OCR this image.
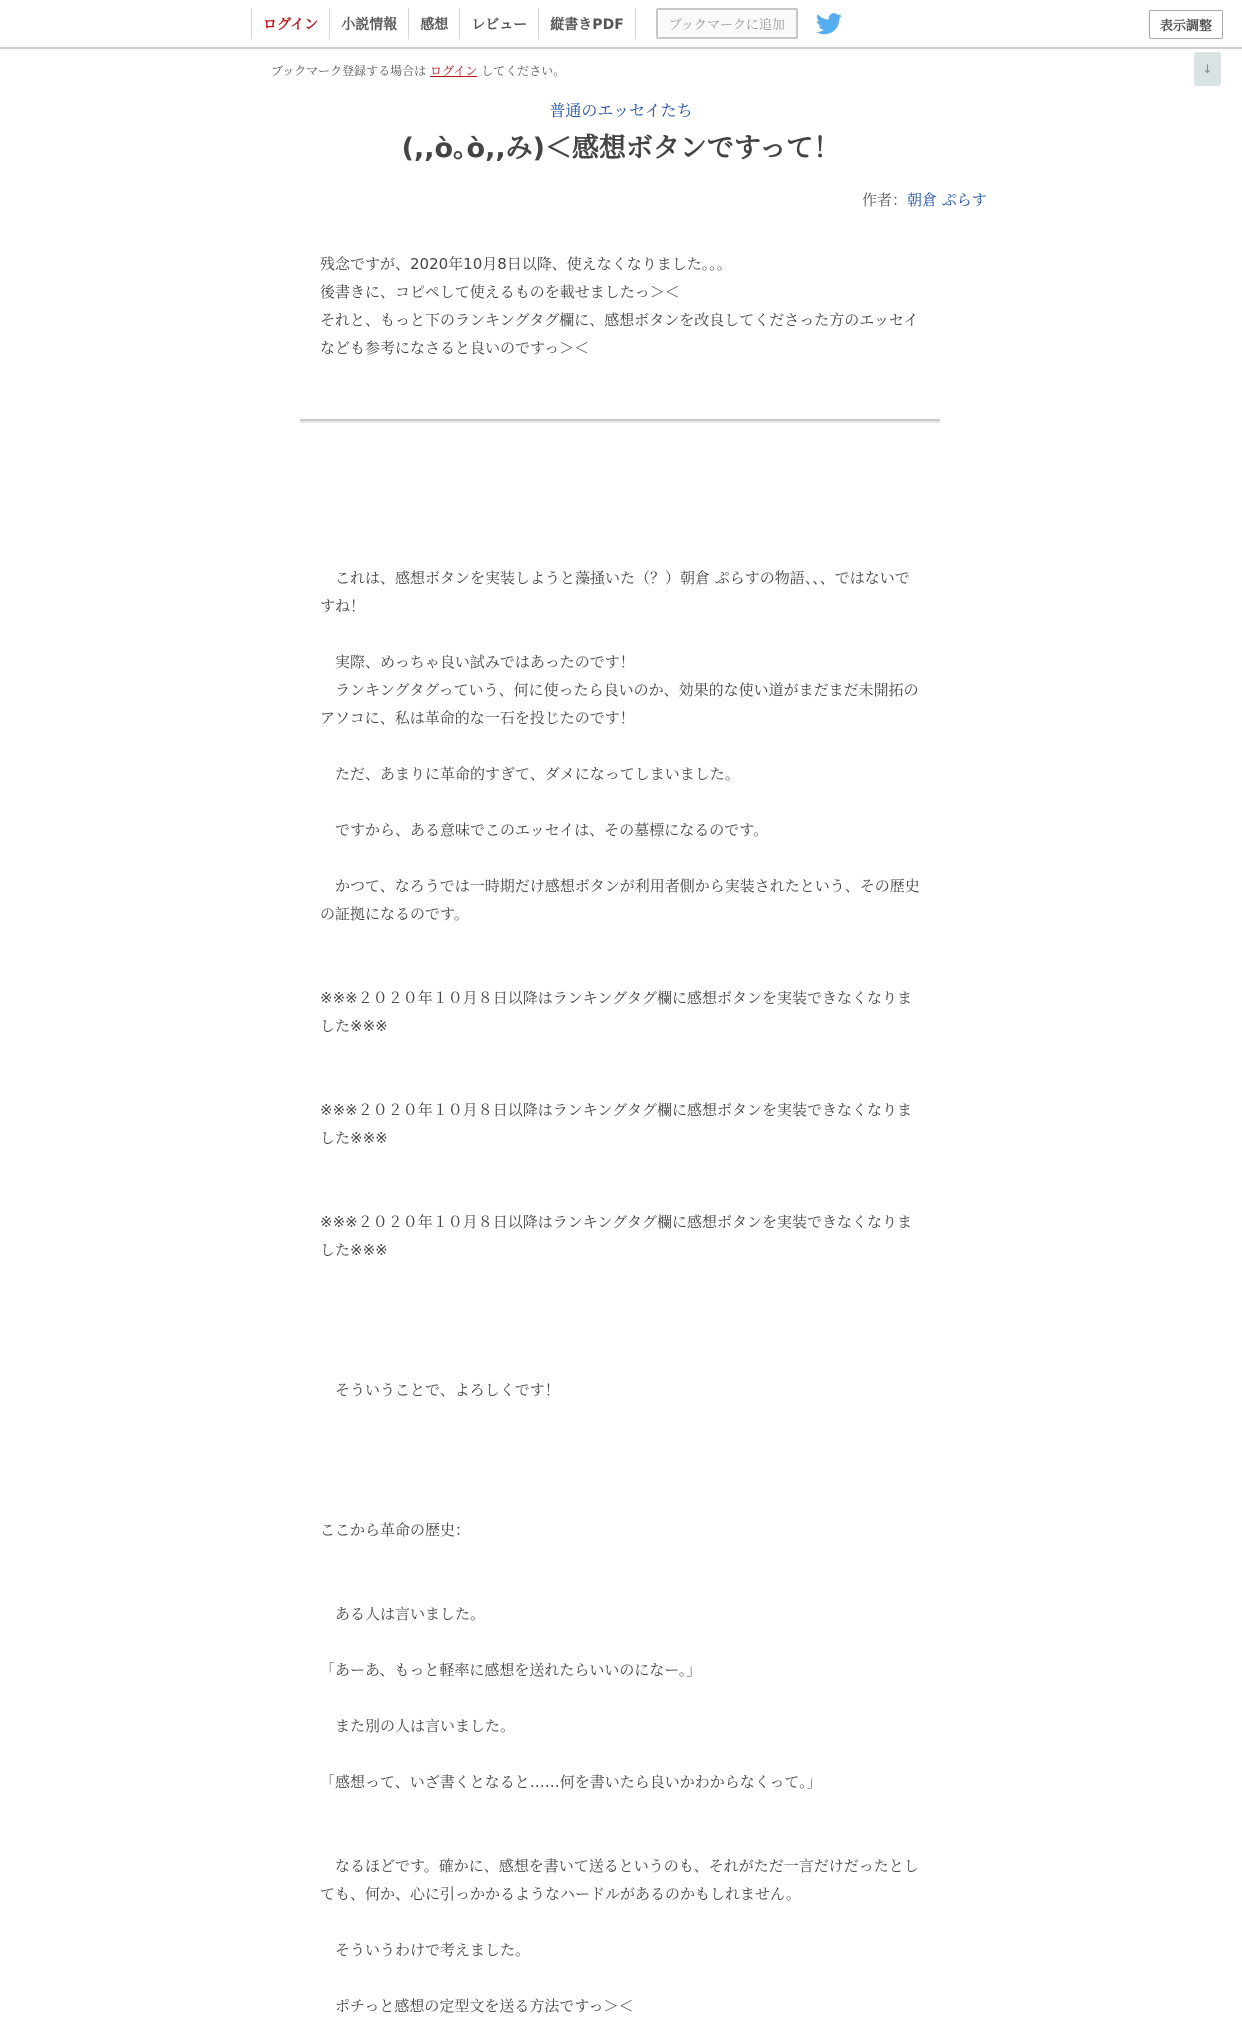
ログイン	小説情報	感想	レビュー	縦書きPDF	ブックマークに追加	表示調整
↓
ブックマーク登録する場合は ログイン してください。
普通のエッセイたち
(,,ò｡ò,,み)＜感想ボタンですって！
作者：朝倉 ぷらす

残念ですが、2020年10月8日以降、使えなくなりました。。。

後書きに、コピペして使えるものを載せましたっ＞＜

それと、もっと下のランキングタグ欄に、感想ボタンを改良してくださった方のエッセイなども参考になさると良いのですっ＞＜

　これは、感想ボタンを実装しようと藻掻いた（？）朝倉 ぷらすの物語、、、ではないですね！

　実際、めっちゃ良い試みではあったのです！

　ランキングタグっていう、何に使ったら良いのか、効果的な使い道がまだまだ未開拓のアソコに、私は革命的な一石を投じたのです！

　ただ、あまりに革命的すぎて、ダメになってしまいました。

　ですから、ある意味でこのエッセイは、その墓標になるのです。

　かつて、なろうでは一時期だけ感想ボタンが利用者側から実装されたという、その歴史の証拠になるのです。

※※※２０２０年１０月８日以降はランキングタグ欄に感想ボタンを実装できなくなりました※※※

※※※２０２０年１０月８日以降はランキングタグ欄に感想ボタンを実装できなくなりました※※※

※※※２０２０年１０月８日以降はランキングタグ欄に感想ボタンを実装できなくなりました※※※

　そういうことで、よろしくです！

ここから革命の歴史：

　ある人は言いました。

「あーあ、もっと軽率に感想を送れたらいいのになー。」

　また別の人は言いました。

「感想って、いざ書くとなると……何を書いたら良いかわからなくって。」

　なるほどです。確かに、感想を書いて送るというのも、それがただ一言だけだったとしても、何か、心に引っかかるようなハードルがあるのかもしれません。

　そういうわけで考えました。

　ポチっと感想の定型文を送る方法ですっ＞＜
